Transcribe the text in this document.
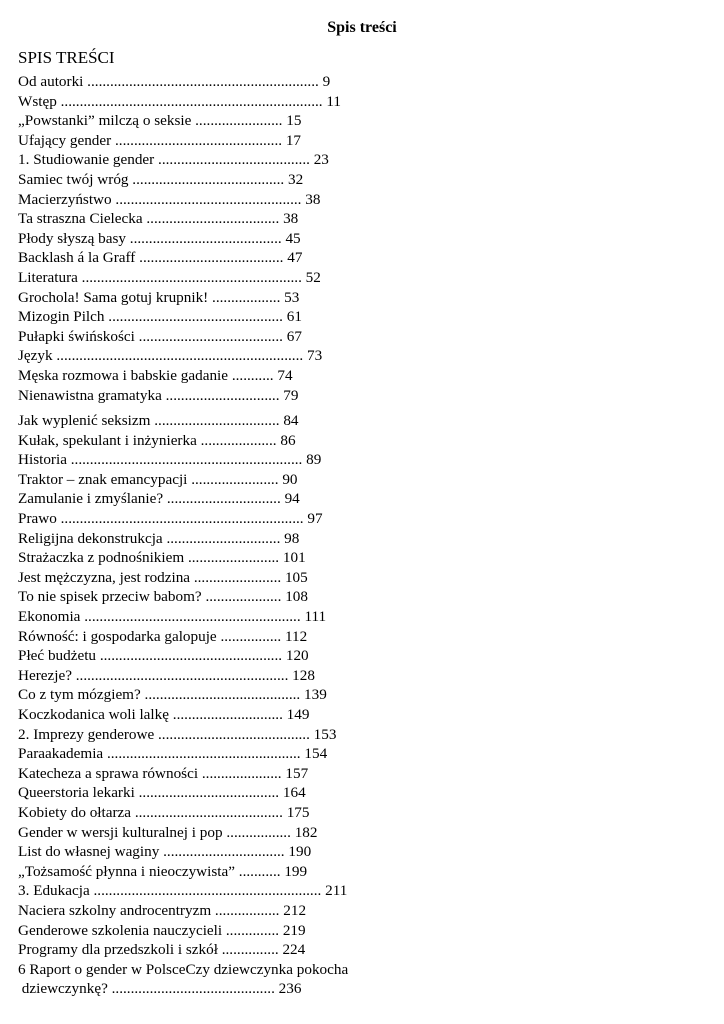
Spis treści
SPIS TREŚCI
Od autorki ............................................................. 9
Wstęp ..................................................................... 11
„Powstanki” milczą o seksie ....................... 15
Ufający gender ............................................ 17
1. Studiowanie gender ........................................ 23
Samiec twój wróg ........................................ 32
Macierzyństwo ................................................. 38
Ta straszna Cielecka ................................... 38
Płody słyszą basy ........................................ 45
Backlash á la Graff ...................................... 47
Literatura .......................................................... 52
Grochola! Sama gotuj krupnik! .................. 53
Mizogin Pilch .............................................. 61
Pułapki świńskości ...................................... 67
Język ................................................................. 73
Męska rozmowa i babskie gadanie ........... 74
Nienawistna gramatyka .............................. 79
Jak wyplenić seksizm ................................. 84
Kułak, spekulant i inżynierka .................... 86
Historia ............................................................. 89
Traktor – znak emancypacji ....................... 90
Zamulanie i zmyślanie? .............................. 94
Prawo ................................................................ 97
Religijna dekonstrukcja .............................. 98
Strażaczka z podnośnikiem ........................ 101
Jest mężczyzna, jest rodzina ....................... 105
To nie spisek przeciw babom? .................... 108
Ekonomia ......................................................... 111
Równość: i gospodarka galopuje ................ 112
Płeć budżetu ................................................ 120
Herezje? ........................................................ 128
Co z tym mózgiem? ......................................... 139
Koczkodanica woli lalkę ............................. 149
2. Imprezy genderowe ........................................ 153
Paraakademia ................................................... 154
Katecheza a sprawa równości ..................... 157
Queerstoria lekarki ..................................... 164
Kobiety do ołtarza ....................................... 175
Gender w wersji kulturalnej i pop ................. 182
List do własnej waginy ................................ 190
„Tożsamość płynna i nieoczywista” ........... 199
3. Edukacja ............................................................ 211
Naciera szkolny androcentryzm ................. 212
Genderowe szkolenia nauczycieli .............. 219
Programy dla przedszkoli i szkół ............... 224
6 Raport o gender w PolsceCzy dziewczynka pokocha
dziewczynkę? ........................................... 236
